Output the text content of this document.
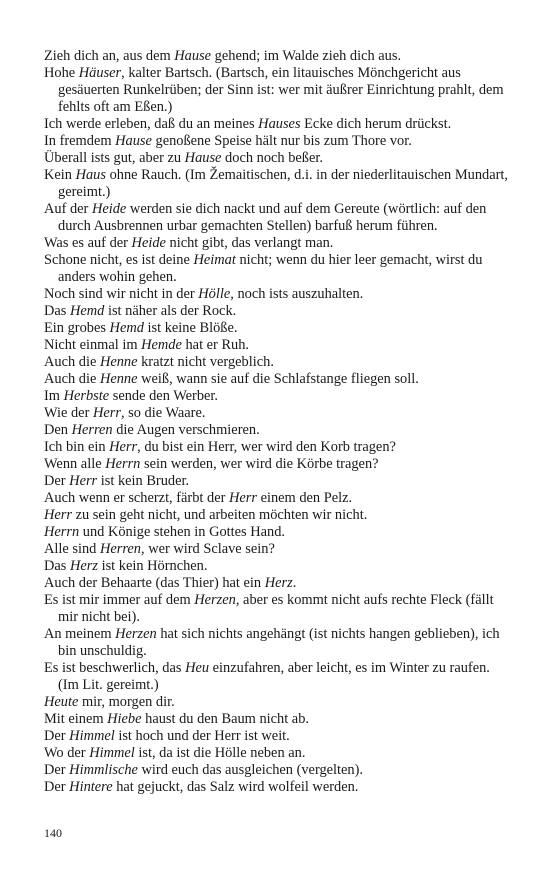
Zieh dich an, aus dem Hause gehend; im Walde zieh dich aus.

Hohe Häuser, kalter Bartsch. (Bartsch, ein litauisches Mönchgericht aus gesäuerten Runkelrüben; der Sinn ist: wer mit äußrer Einrichtung prahlt, dem fehlts oft am Eßen.)

Ich werde erleben, daß du an meines Hauses Ecke dich herum drückst.

In fremdem Hause genoßene Speise hält nur bis zum Thore vor.

Überall ists gut, aber zu Hause doch noch beßer.

Kein Haus ohne Rauch. (Im Žemaitischen, d.i. in der niederlitauischen Mundart, gereimt.)

Auf der Heide werden sie dich nackt und auf dem Gereute (wörtlich: auf den durch Ausbrennen urbar gemachten Stellen) barfuß herum führen.

Was es auf der Heide nicht gibt, das verlangt man.

Schone nicht, es ist deine Heimat nicht; wenn du hier leer gemacht, wirst du anders wohin gehen.

Noch sind wir nicht in der Hölle, noch ists auszuhalten.

Das Hemd ist näher als der Rock.

Ein grobes Hemd ist keine Blöße.

Nicht einmal im Hemde hat er Ruh.

Auch die Henne kratzt nicht vergeblich.

Auch die Henne weiß, wann sie auf die Schlafstange fliegen soll.

Im Herbste sende den Werber.

Wie der Herr, so die Waare.

Den Herren die Augen verschmieren.

Ich bin ein Herr, du bist ein Herr, wer wird den Korb tragen?

Wenn alle Herrn sein werden, wer wird die Körbe tragen?

Der Herr ist kein Bruder.

Auch wenn er scherzt, färbt der Herr einem den Pelz.

Herr zu sein geht nicht, und arbeiten möchten wir nicht.

Herrn und Könige stehen in Gottes Hand.

Alle sind Herren, wer wird Sclave sein?

Das Herz ist kein Hörnchen.

Auch der Behaarte (das Thier) hat ein Herz.

Es ist mir immer auf dem Herzen, aber es kommt nicht aufs rechte Fleck (fällt mir nicht bei).

An meinem Herzen hat sich nichts angehängt (ist nichts hangen geblieben), ich bin unschuldig.

Es ist beschwerlich, das Heu einzufahren, aber leicht, es im Winter zu raufen. (Im Lit. gereimt.)

Heute mir, morgen dir.

Mit einem Hiebe haust du den Baum nicht ab.

Der Himmel ist hoch und der Herr ist weit.

Wo der Himmel ist, da ist die Hölle neben an.

Der Himmlische wird euch das ausgleichen (vergelten).

Der Hintere hat gejuckt, das Salz wird wolfeil werden.

140
